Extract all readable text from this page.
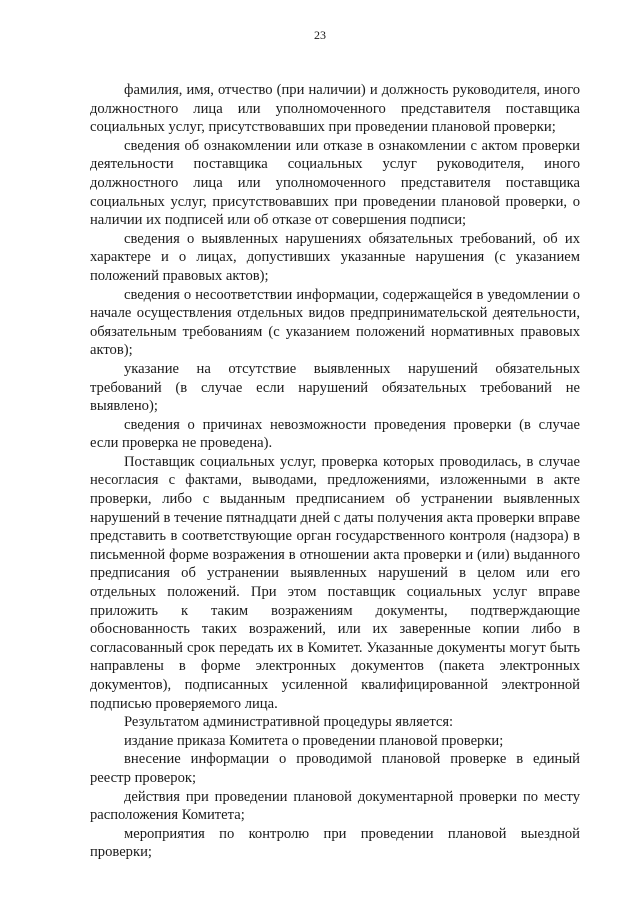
23

фамилия, имя, отчество (при наличии) и должность руководителя, иного должностного лица или уполномоченного представителя поставщика социальных услуг, присутствовавших при проведении плановой проверки;

сведения об ознакомлении или отказе в ознакомлении с актом проверки деятельности поставщика социальных услуг руководителя, иного должностного лица или уполномоченного представителя поставщика социальных услуг, присутствовавших при проведении плановой проверки, о наличии их подписей или об отказе от совершения подписи;

сведения о выявленных нарушениях обязательных требований, об их характере и о лицах, допустивших указанные нарушения (с указанием положений правовых актов);

сведения о несоответствии информации, содержащейся в уведомлении о начале осуществления отдельных видов предпринимательской деятельности, обязательным требованиям (с указанием положений нормативных правовых актов);

указание на отсутствие выявленных нарушений обязательных требований (в случае если нарушений обязательных требований не выявлено);

сведения о причинах невозможности проведения проверки (в случае если проверка не проведена).

Поставщик социальных услуг, проверка которых проводилась, в случае несогласия с фактами, выводами, предложениями, изложенными в акте проверки, либо с выданным предписанием об устранении выявленных нарушений в течение пятнадцати дней с даты получения акта проверки вправе представить в соответствующие орган государственного контроля (надзора) в письменной форме возражения в отношении акта проверки и (или) выданного предписания об устранении выявленных нарушений в целом или его отдельных положений. При этом поставщик социальных услуг вправе приложить к таким возражениям документы, подтверждающие обоснованность таких возражений, или их заверенные копии либо в согласованный срок передать их в Комитет. Указанные документы могут быть направлены в форме электронных документов (пакета электронных документов), подписанных усиленной квалифицированной электронной подписью проверяемого лица.

Результатом административной процедуры является:

издание приказа Комитета о проведении плановой проверки;

внесение информации о проводимой плановой проверке в единый реестр проверок;

действия при проведении плановой документарной проверки по месту расположения Комитета;

мероприятия по контролю при проведении плановой выездной проверки;
